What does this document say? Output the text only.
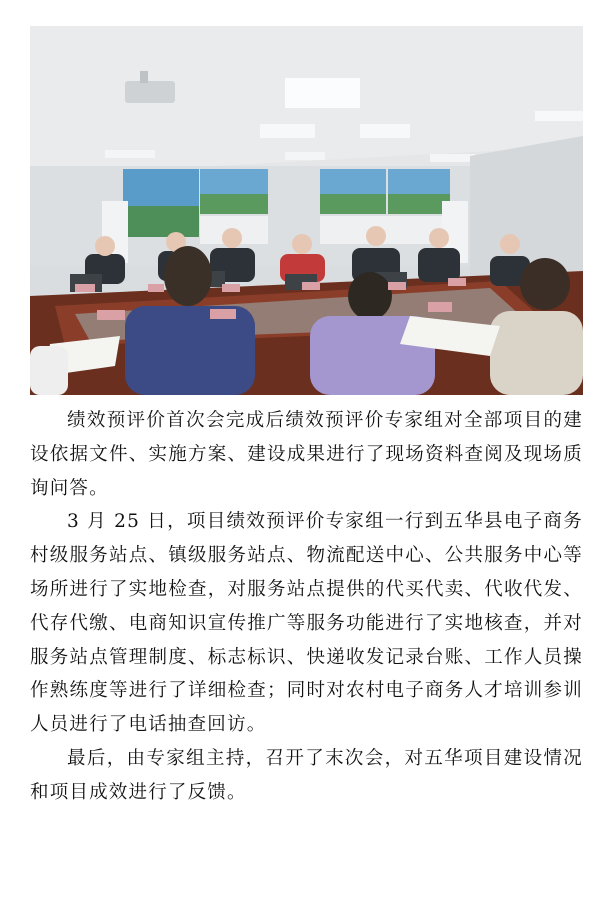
绩效预评价首次会完成后绩效预评价专家组对全部项目的建设依据文件、实施方案、建设成果进行了现场资料查阅及现场质询问答。

3 月 25 日，项目绩效预评价专家组一行到五华县电子商务村级服务站点、镇级服务站点、物流配送中心、公共服务中心等场所进行了实地检查，对服务站点提供的代买代卖、代收代发、代存代缴、电商知识宣传推广等服务功能进行了实地核查，并对服务站点管理制度、标志标识、快递收发记录台账、工作人员操作熟练度等进行了详细检查；同时对农村电子商务人才培训参训人员进行了电话抽查回访。

最后，由专家组主持，召开了末次会，对五华项目建设情况和项目成效进行了反馈。
